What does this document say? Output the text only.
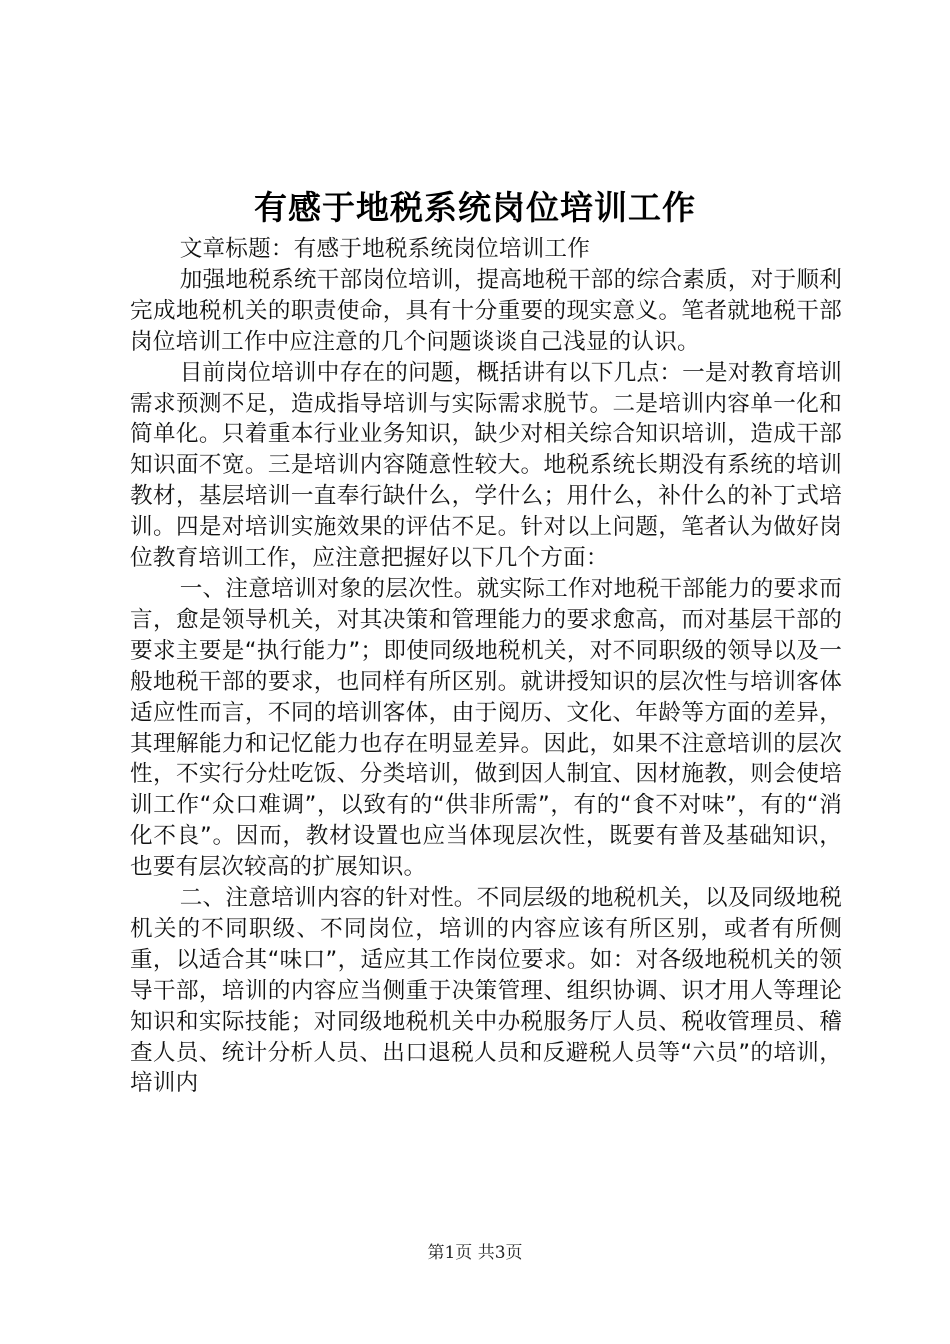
有感于地税系统岗位培训工作

文章标题：有感于地税系统岗位培训工作

加强地税系统干部岗位培训，提高地税干部的综合素质，对于顺利完成地税机关的职责使命，具有十分重要的现实意义。笔者就地税干部岗位培训工作中应注意的几个问题谈谈自己浅显的认识。

目前岗位培训中存在的问题，概括讲有以下几点：一是对教育培训需求预测不足，造成指导培训与实际需求脱节。二是培训内容单一化和简单化。只着重本行业业务知识，缺少对相关综合知识培训，造成干部知识面不宽。三是培训内容随意性较大。地税系统长期没有系统的培训教材，基层培训一直奉行缺什么，学什么；用什么，补什么的补丁式培训。四是对培训实施效果的评估不足。针对以上问题，笔者认为做好岗位教育培训工作，应注意把握好以下几个方面：

一、注意培训对象的层次性。就实际工作对地税干部能力的要求而言，愈是领导机关，对其决策和管理能力的要求愈高，而对基层干部的要求主要是“执行能力”；即使同级地税机关，对不同职级的领导以及一般地税干部的要求，也同样有所区别。就讲授知识的层次性与培训客体适应性而言，不同的培训客体，由于阅历、文化、年龄等方面的差异，其理解能力和记忆能力也存在明显差异。因此，如果不注意培训的层次性，不实行分灶吃饭、分类培训，做到因人制宜、因材施教，则会使培训工作“众口难调”，以致有的“供非所需”，有的“食不对味”，有的“消化不良”。因而，教材设置也应当体现层次性，既要有普及基础知识，也要有层次较高的扩展知识。

二、注意培训内容的针对性。不同层级的地税机关，以及同级地税机关的不同职级、不同岗位，培训的内容应该有所区别，或者有所侧重，以适合其“味口”，适应其工作岗位要求。如：对各级地税机关的领导干部，培训的内容应当侧重于决策管理、组织协调、识才用人等理论知识和实际技能；对同级地税机关中办税服务厅人员、税收管理员、稽查人员、统计分析人员、出口退税人员和反避税人员等“六员”的培训，培训内

第1页 共3页
